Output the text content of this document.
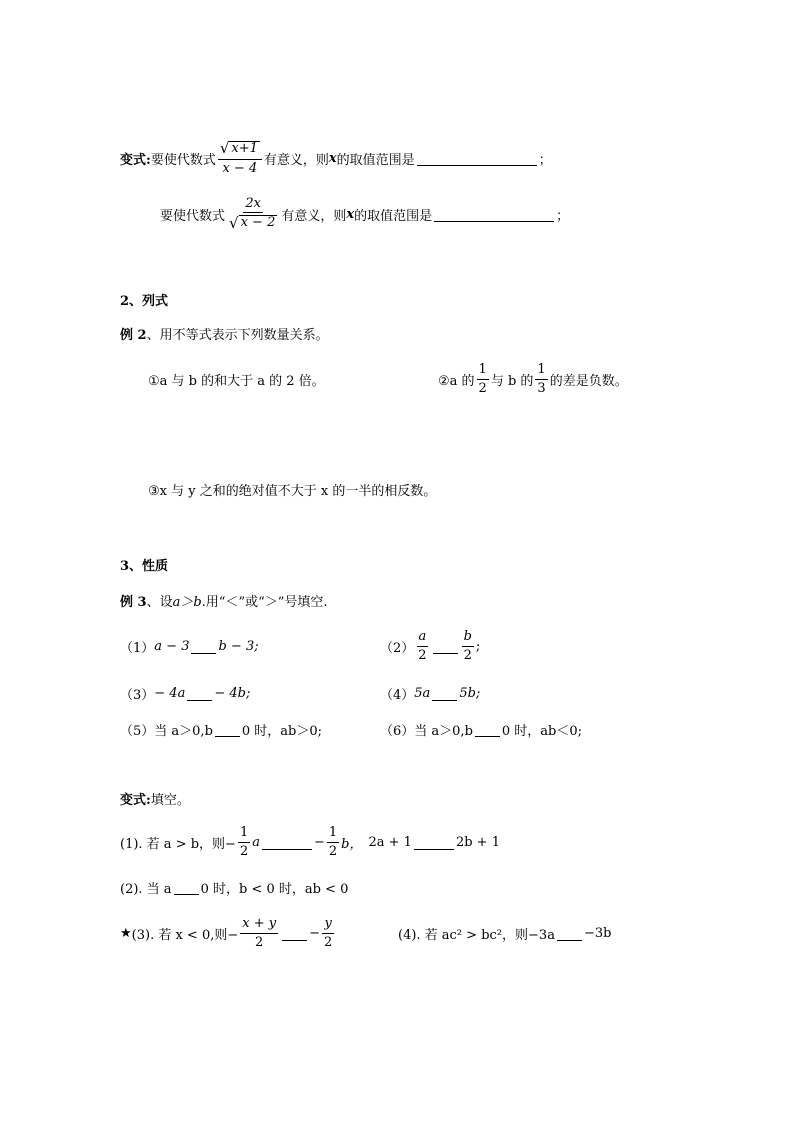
变式: 要使代数式 $\frac{√ x+1}{x - 4}$ 有意义，则 x 的取值范围是	；
要使代数式 $\frac{2x}{√ x - 2}$ 有意义，则 x 的取值范围是	；
2、列式
例 2 、用不等式表示下列数量关系。
①a 与 b 的和大于 a 的 2 倍。	②a 的 $\frac{1}{2}$ 与 b 的 $\frac{1}{3}$ 的差是负数。
③x 与 y 之和的绝对值不大于 x 的一半的相反数。
3、性质
例 3 、设 a＞b .用“＜”或“＞”号填空.
（1） a − 3 b − 3;	$(2) \frac{a}{2}$	$\frac{b}{2}$ ;
（3） − 4a − 4b;	（4） 5a 5b;
（5） 当 a＞0,b 0 时，ab＞0;	（6） 当 a＞0,b 0 时，ab＜0;
变式: 填空。
(1). 若 a > b，则− $\frac{1}{2}$ a	− $\frac{1}{2}$ b， 2a + 1	2b + 1
(2). 当 a 0 时，b < 0 时，ab < 0
★ (3). 若 x < 0,则− $\frac{x + y}{2} - \frac{y}{2}$	(4). 若 ac² > bc²，则−3a −3b
